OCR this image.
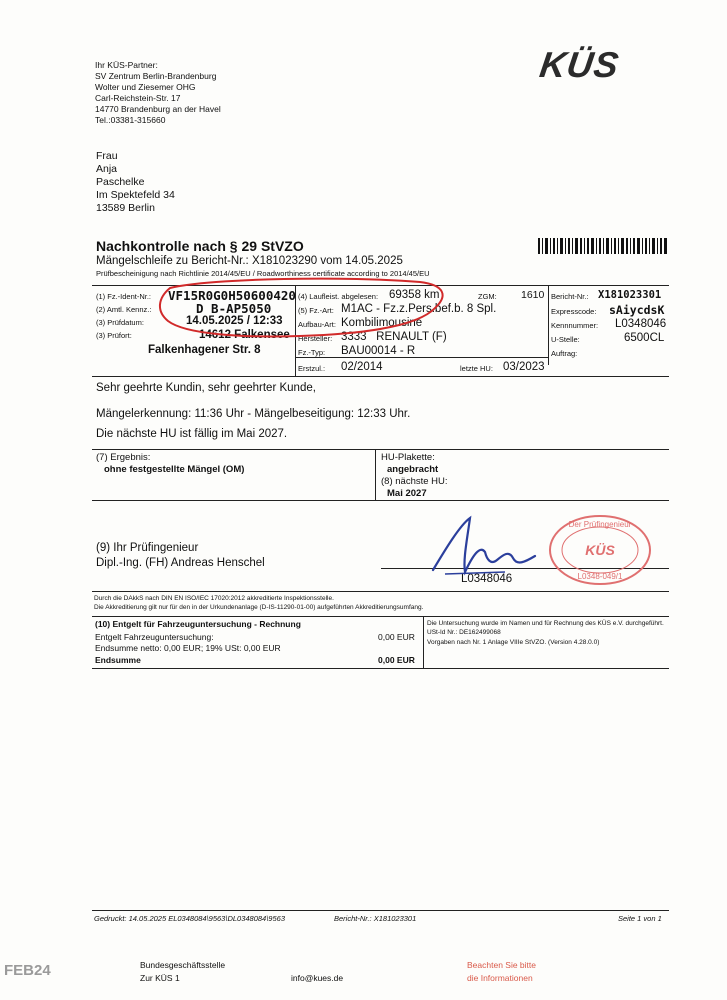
Ihr KÜS-Partner:
SV Zentrum Berlin-Brandenburg
Wolter und Ziesemer OHG
Carl-Reichstein-Str. 17
14770 Brandenburg an der Havel
Tel.:03381-315660
KÜS
Frau
Anja
Paschelke
Im Spektefeld 34
13589 Berlin
Nachkontrolle nach § 29 StVZO
Mängelschleife zu Bericht-Nr.: X181023290 vom 14.05.2025
Prüfbescheinigung nach Richtlinie 2014/45/EU / Roadworthiness certificate according to 2014/45/EU
(1) Fz.-Ident-Nr.: VF15R0G0H50600420
(2) Amtl. Kennz.:	D B-AP5050
(3) Prüfdatum:	14.05.2025 / 12:33
(3) Prüfort:	14612 Falkensee
Falkenhagener Str. 8
(4) Laufleist. abgelesen: 69358 km	ZGM: 1610
(5) Fz.-Art: M1AC - Fz.z.Pers.bef.b. 8 Spl.
Aufbau-Art: Kombilimousine
Hersteller: 3333   RENAULT (F)
Fz.-Typ: BAU00014 - R
Erstzul.: 02/2014	letzte HU: 03/2023
Bericht-Nr.: X181023301
Expresscode: sAiycdsK
Kennnummer: L0348046
U-Stelle:	6500CL
Auftrag:
Sehr geehrte Kundin, sehr geehrter Kunde,
Mängelerkennung: 11:36 Uhr - Mängelbeseitigung: 12:33 Uhr.
Die nächste HU ist fällig im Mai 2027.
(7) Ergebnis:
ohne festgestellte Mängel (OM)
HU-Plakette:
angebracht
(8) nächste HU:
Mai 2027
(9) Ihr Prüfingenieur
Dipl.-Ing. (FH) Andreas Henschel
L0348046
Der Prüfingenieur
KÜS
L0348-049/1
Durch die DAkkS nach DIN EN ISO/IEC 17020:2012 akkreditierte Inspektionsstelle.
Die Akkreditierung gilt nur für den in der Urkundenanlage (D-IS-11290-01-00) aufgeführten Akkreditierungsumfang.
(10) Entgelt für Fahrzeuguntersuchung - Rechnung
Entgelt Fahrzeuguntersuchung:	0,00 EUR
Endsumme netto: 0,00 EUR; 19% USt: 0,00 EUR
Endsumme	0,00 EUR
Die Untersuchung wurde im Namen und für Rechnung des KÜS e.V. durchgeführt.
USt-Id Nr.: DE162499068
Vorgaben nach Nr. 1 Anlage VIIIe StVZO. (Version 4.28.0.0)
Gedruckt: 14.05.2025 EL0348084\9563\DL0348084\9563	Bericht-Nr.: X181023301	Seite 1 von 1
Bundesgeschäftsstelle
Zur KÜS 1	info@kues.de
Beachten Sie bitte
die Informationen
FEB24
